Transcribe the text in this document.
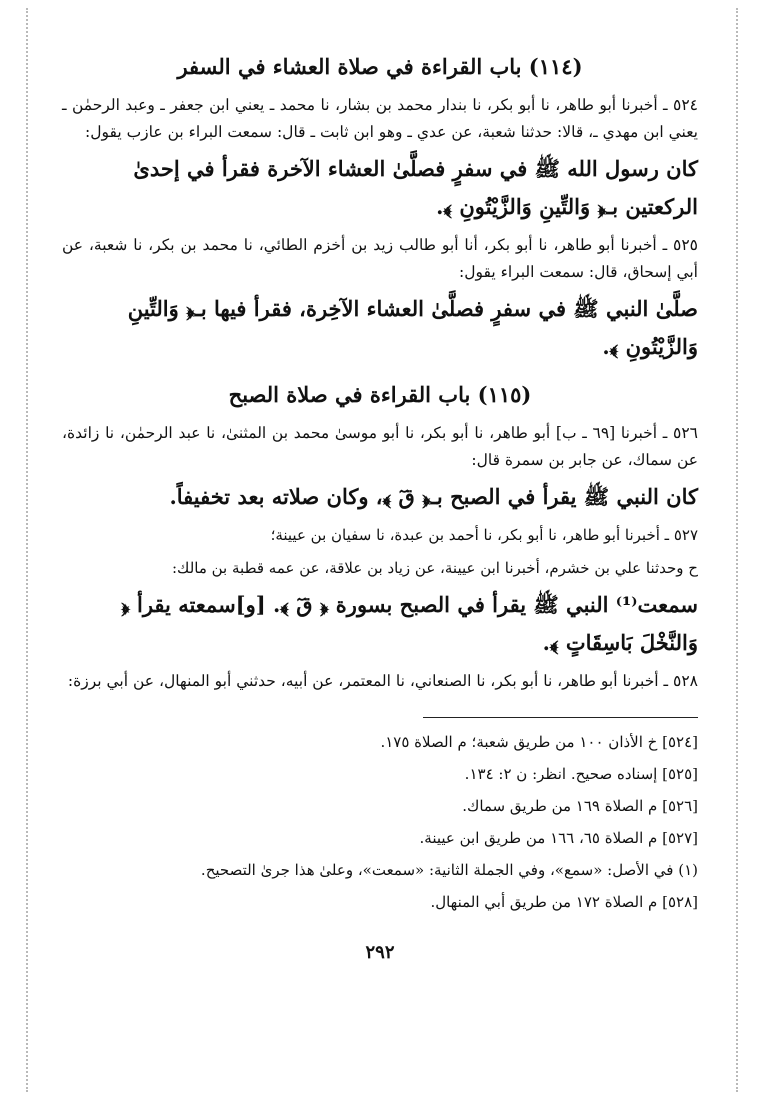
(١١٤) باب القراءة في صلاة العشاء في السفر

٥٢٤ ـ أخبرنا أبو طاهر، نا أبو بكر، نا بندار محمد بن بشار، نا محمد ـ يعني ابن جعفر ـ وعبد الرحمٰن ـ يعني ابن مهدي ـ، قالا: حدثنا شعبة، عن عدي ـ وهو ابن ثابت ـ قال: سمعت البراء بن عازب يقول:

كان رسول الله ﷺ في سفرٍ فصلَّىٰ العشاء الآخرة فقرأ في إحدىٰ الركعتين بـ﴿ وَالتِّينِ وَالزَّيْتُونِ ﴾.

٥٢٥ ـ أخبرنا أبو طاهر، نا أبو بكر، أنا أبو طالب زيد بن أخزم الطائي، نا محمد بن بكر، نا شعبة، عن أبي إسحاق، قال: سمعت البراء يقول:

صلَّىٰ النبي ﷺ في سفرٍ فصلَّىٰ العشاء الآخِرة، فقرأ فيها بـ﴿ وَالتِّينِ وَالزَّيْتُونِ ﴾.

(١١٥) باب القراءة في صلاة الصبح

٥٢٦ ـ أخبرنا [٦٩ ـ ب] أبو طاهر، نا أبو بكر، نا أبو موسىٰ محمد بن المثنىٰ، نا عبد الرحمٰن، نا زائدة، عن سماك، عن جابر بن سمرة قال:

كان النبي ﷺ يقرأ في الصبح بـ﴿ قٓ ﴾، وكان صلاته بعد تخفيفاً.

٥٢٧ ـ أخبرنا أبو طاهر، نا أبو بكر، نا أحمد بن عبدة، نا سفيان بن عيينة؛

ح وحدثنا علي بن خشرم، أخبرنا ابن عيينة، عن زياد بن علاقة، عن عمه قطبة بن مالك:

سمعت⁽¹⁾ النبي ﷺ يقرأ في الصبح بسورة ﴿ قٓ ﴾. [و]سمعته يقرأ ﴿ وَالنَّخْلَ بَاسِقَاتٍ ﴾.

٥٢٨ ـ أخبرنا أبو طاهر، نا أبو بكر، نا الصنعاني، نا المعتمر، عن أبيه، حدثني أبو المنهال، عن أبي برزة:

[٥٢٤] خ الأذان ١٠٠ من طريق شعبة؛ م الصلاة ١٧٥.

[٥٢٥] إسناده صحيح. انظر: ن ٢: ١٣٤.

[٥٢٦] م الصلاة ١٦٩ من طريق سماك.

[٥٢٧] م الصلاة ٦٥، ١٦٦ من طريق ابن عيينة.

(١) في الأصل: «سمع»، وفي الجملة الثانية: «سمعت»، وعلىٰ هذا جرىٰ التصحيح.

[٥٢٨] م الصلاة ١٧٢ من طريق أبي المنهال.

٢٩٢
